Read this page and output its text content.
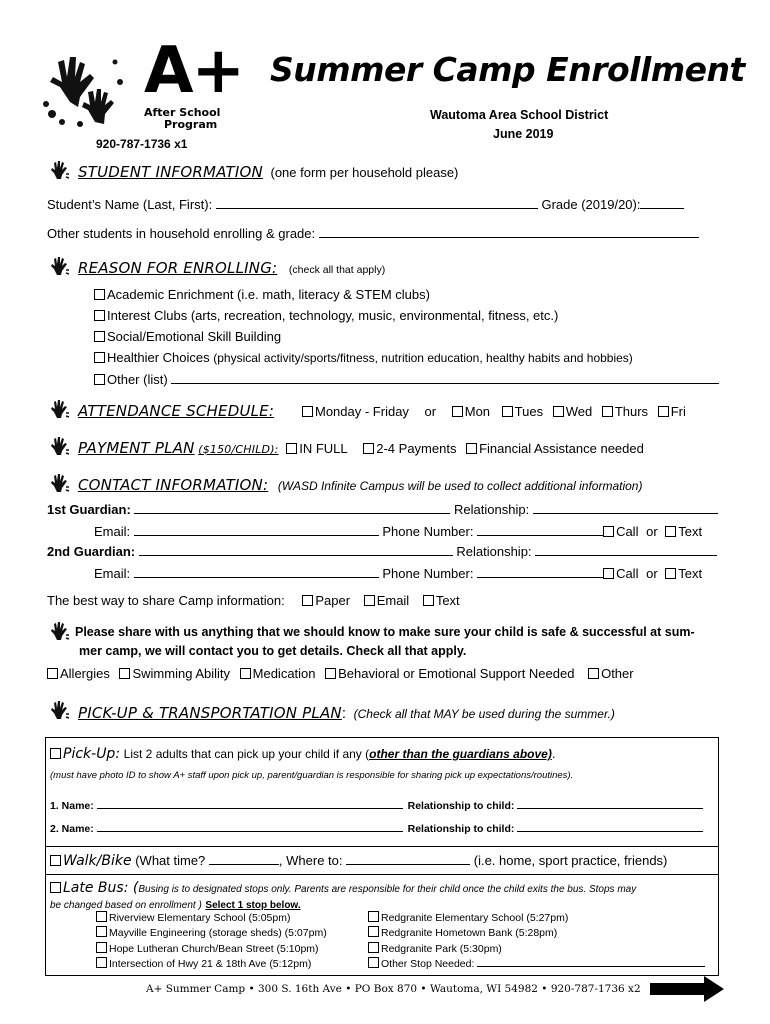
A+
After School
Program
920-787-1736 x1
Summer Camp Enrollment
Wautoma Area School District
June 2019
STUDENT INFORMATION (one form per household please)
Student’s Name (Last, First):	Grade (2019/20):
Other students in household enrolling & grade:
REASON FOR ENROLLING: (check all that apply)
Academic Enrichment (i.e. math, literacy & STEM clubs)
Interest Clubs (arts, recreation, technology, music, environmental, fitness, etc.)
Social/Emotional Skill Building
Healthier Choices (physical activity/sports/fitness, nutrition education, healthy habits and hobbies)
Other (list)
ATTENDANCE SCHEDULE:	Monday - Friday or Mon Tues Wed Thurs Fri
PAYMENT PLAN ($150/CHILD): IN FULL 2-4 Payments Financial Assistance needed
CONTACT INFORMATION: (WASD Infinite Campus will be used to collect additional information)
1st Guardian:	Relationship:
Email:	Phone Number:	Call or Text
2nd Guardian:	Relationship:
Email:	Phone Number:	Call or Text
The best way to share Camp information: Paper Email Text
Please share with us anything that we should know to make sure your child is safe & successful at sum-
mer camp, we will contact you to get details. Check all that apply.
Allergies Swimming Ability Medication Behavioral or Emotional Support Needed Other
PICK-UP & TRANSPORTATION PLAN: (Check all that MAY be used during the summer.)
Pick-Up: List 2 adults that can pick up your child if any (other than the guardians above).
(must have photo ID to show A+ staff upon pick up, parent/guardian is responsible for sharing pick up expectations/routines).
1. Name:	Relationship to child:
2. Name:	Relationship to child:
Walk/Bike (What time?	, Where to:	(i.e. home, sport practice, friends)
Late Bus: (Busing is to designated stops only. Parents are responsible for their child once the child exits the bus. Stops may
be changed based on enrollment ) Select 1 stop below.
Riverview Elementary School (5:05pm)
Mayville Engineering (storage sheds) (5:07pm)
Hope Lutheran Church/Bean Street (5:10pm)
Intersection of Hwy 21 & 18th Ave (5:12pm)
Redgranite Elementary School (5:27pm)
Redgranite Hometown Bank (5:28pm)
Redgranite Park (5:30pm)
Other Stop Needed:
A+ Summer Camp • 300 S. 16th Ave • PO Box 870 • Wautoma, WI 54982 • 920-787-1736 x2
